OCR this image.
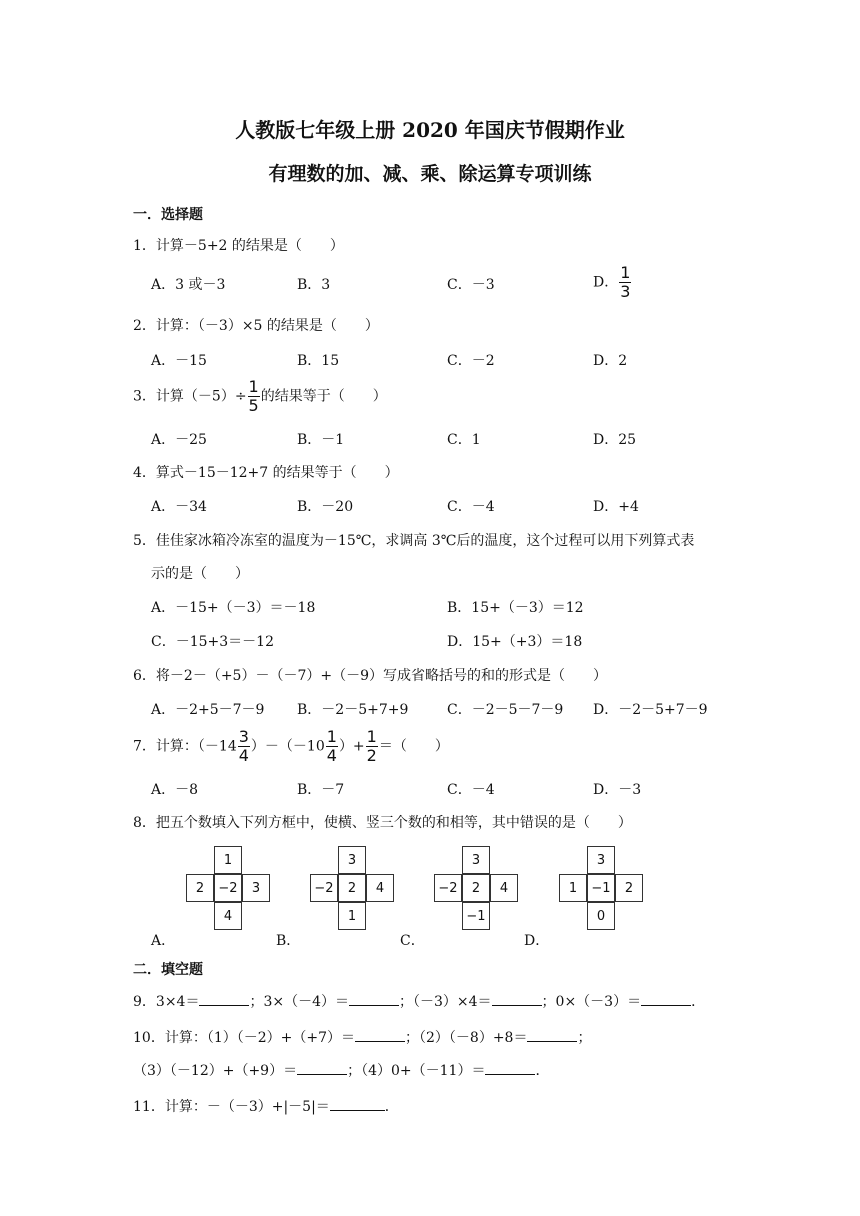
人教版七年级上册 2020 年国庆节假期作业
有理数的加、减、乘、除运算专项训练
一．选择题
1．计算－5+2 的结果是（　　）
A．3 或－3	B．3	C．－3	D． $\frac{1}{3}$
2．计算：（－3）×5 的结果是（　　）
A．－15	B．15	C．－2	D．2
3．计算$(-5)\div \frac{1}{5}$ 的结果等于（　　）
A．－25	B．－1	C．1	D．25
4．算式－15－12+7 的结果等于（　　）
A．－34	B．－20	C．－4	D．+4
5．佳佳家冰箱冷冻室的温度为－15℃，求调高 3℃后的温度，这个过程可以用下列算式表
示的是（　　）
A．－15+（－3）＝－18	B．15+（－3）＝12
C．－15+3＝－12	D．15+（+3）＝18
6．将－2－（+5）－（－7）+（－9）写成省略括号的和的形式是（　　）
A．－2+5－7－9 B．－2－5+7+9	C．－2－5－7－9 D．－2－5+7－9
7．计算：$(-14 \frac{3}{4} )-(-10 \frac{1}{4}$ ）+ $\frac{1}{2}$ ＝（　　）
A．－8	B．－7	C．－4	D．－3
8．把五个数填入下列方框中，使横、竖三个数的和相等，其中错误的是（　　）
1
2	−2	3
4
A．
3
−2	2	4
1
B．
3
−2	2	4
−1
C．
3
1	−1	2
0
D．
二．填空题
9．3×4＝	；3×（－4）＝	；（－3）×4＝	；0×（－3）＝	．
10．计算：（1）（－2）+（+7）＝	；（2）（－8）+8＝	；
（3）（－12）+（+9）＝	；（4）0+（－11）＝	．
11．计算：－（－3）+|－5|＝	．
